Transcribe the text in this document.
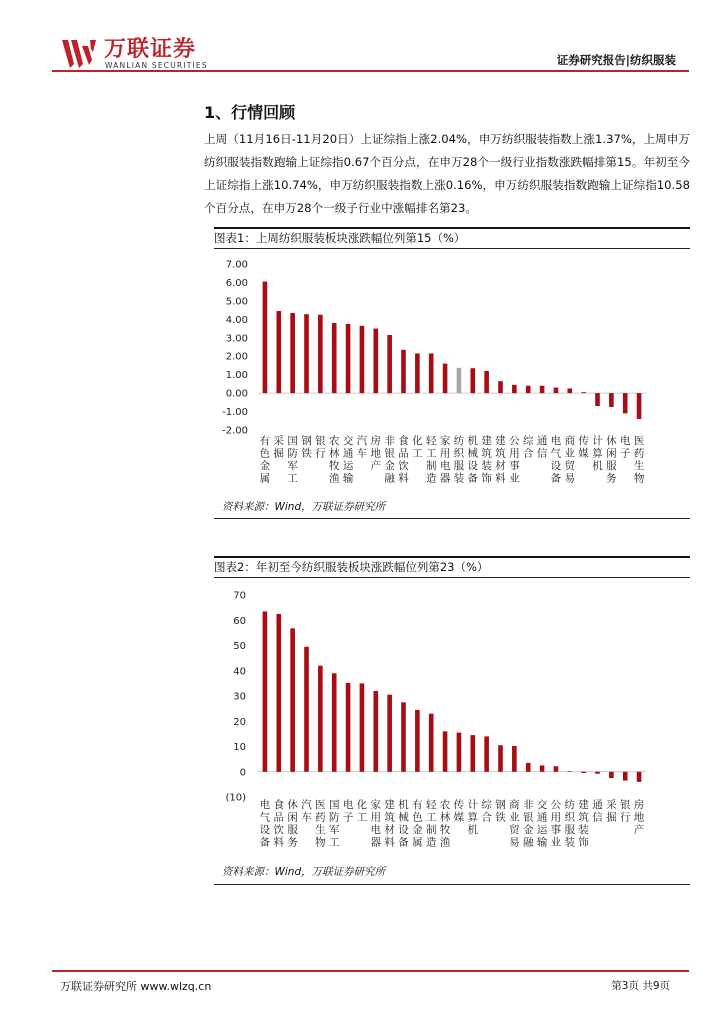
万联证券
WANLIAN SECURITIES	证券研究报告|纺织服装
1、行情回顾
上周（11月16日-11月20日）上证综指上涨2.04%，申万纺织服装指数上涨1.37%，上周申万纺织服装指数跑输上证综指0.67个百分点，在申万28个一级行业指数涨跌幅排第15。年初至今上证综指上涨10.74%，申万纺织服装指数上涨0.16%，申万纺织服装指数跑输上证综指10.58个百分点，在申万28个一级子行业中涨幅排名第23。
图表1：上周纺织服装板块涨跌幅位列第15（%）
7.00
6.00
5.00
4.00
3.00
2.00
1.00
0.00
-1.00
-2.00
有
色
金
属
采
掘
国
防
军
工
钢
铁
银
行
农
林
牧
渔
交
通
运
输
汽
车
房
地
产
非
银
金
融
食
品
饮
料
化
工
轻
工
制
造
家
用
电
器
纺
织
服
装
机
械
设
备
建
筑
装
饰
建
筑
材
料
公
用
事
业
综
合
通
信
电
气
设
备
商
业
贸
易
传
媒
计
算
机
休
闲
服
务
电
子
医
药
生
物
资料来源：Wind，万联证券研究所
图表2：年初至今纺织服装板块涨跌幅位列第23（%）
70
60
50
40
30
20
10
0
(10)
电
气
设
备
食
品
饮
料
休
闲
服
务
汽
车
医
药
生
物
国
防
军
工
电
子
化
工
家
用
电
器
建
筑
材
料
机
械
设
备
有
色
金
属
轻
工
制
造
农
林
牧
渔
传
媒
计
算
机
综
合
钢
铁
商
业
贸
易
非
银
金
融
交
通
运
输
公
用
事
业
纺
织
服
装
建
筑
装
饰
通
信
采
掘
银
行
房
地
产
资料来源：Wind，万联证券研究所
万联证券研究所 www.wlzq.cn	第3页 共9页
